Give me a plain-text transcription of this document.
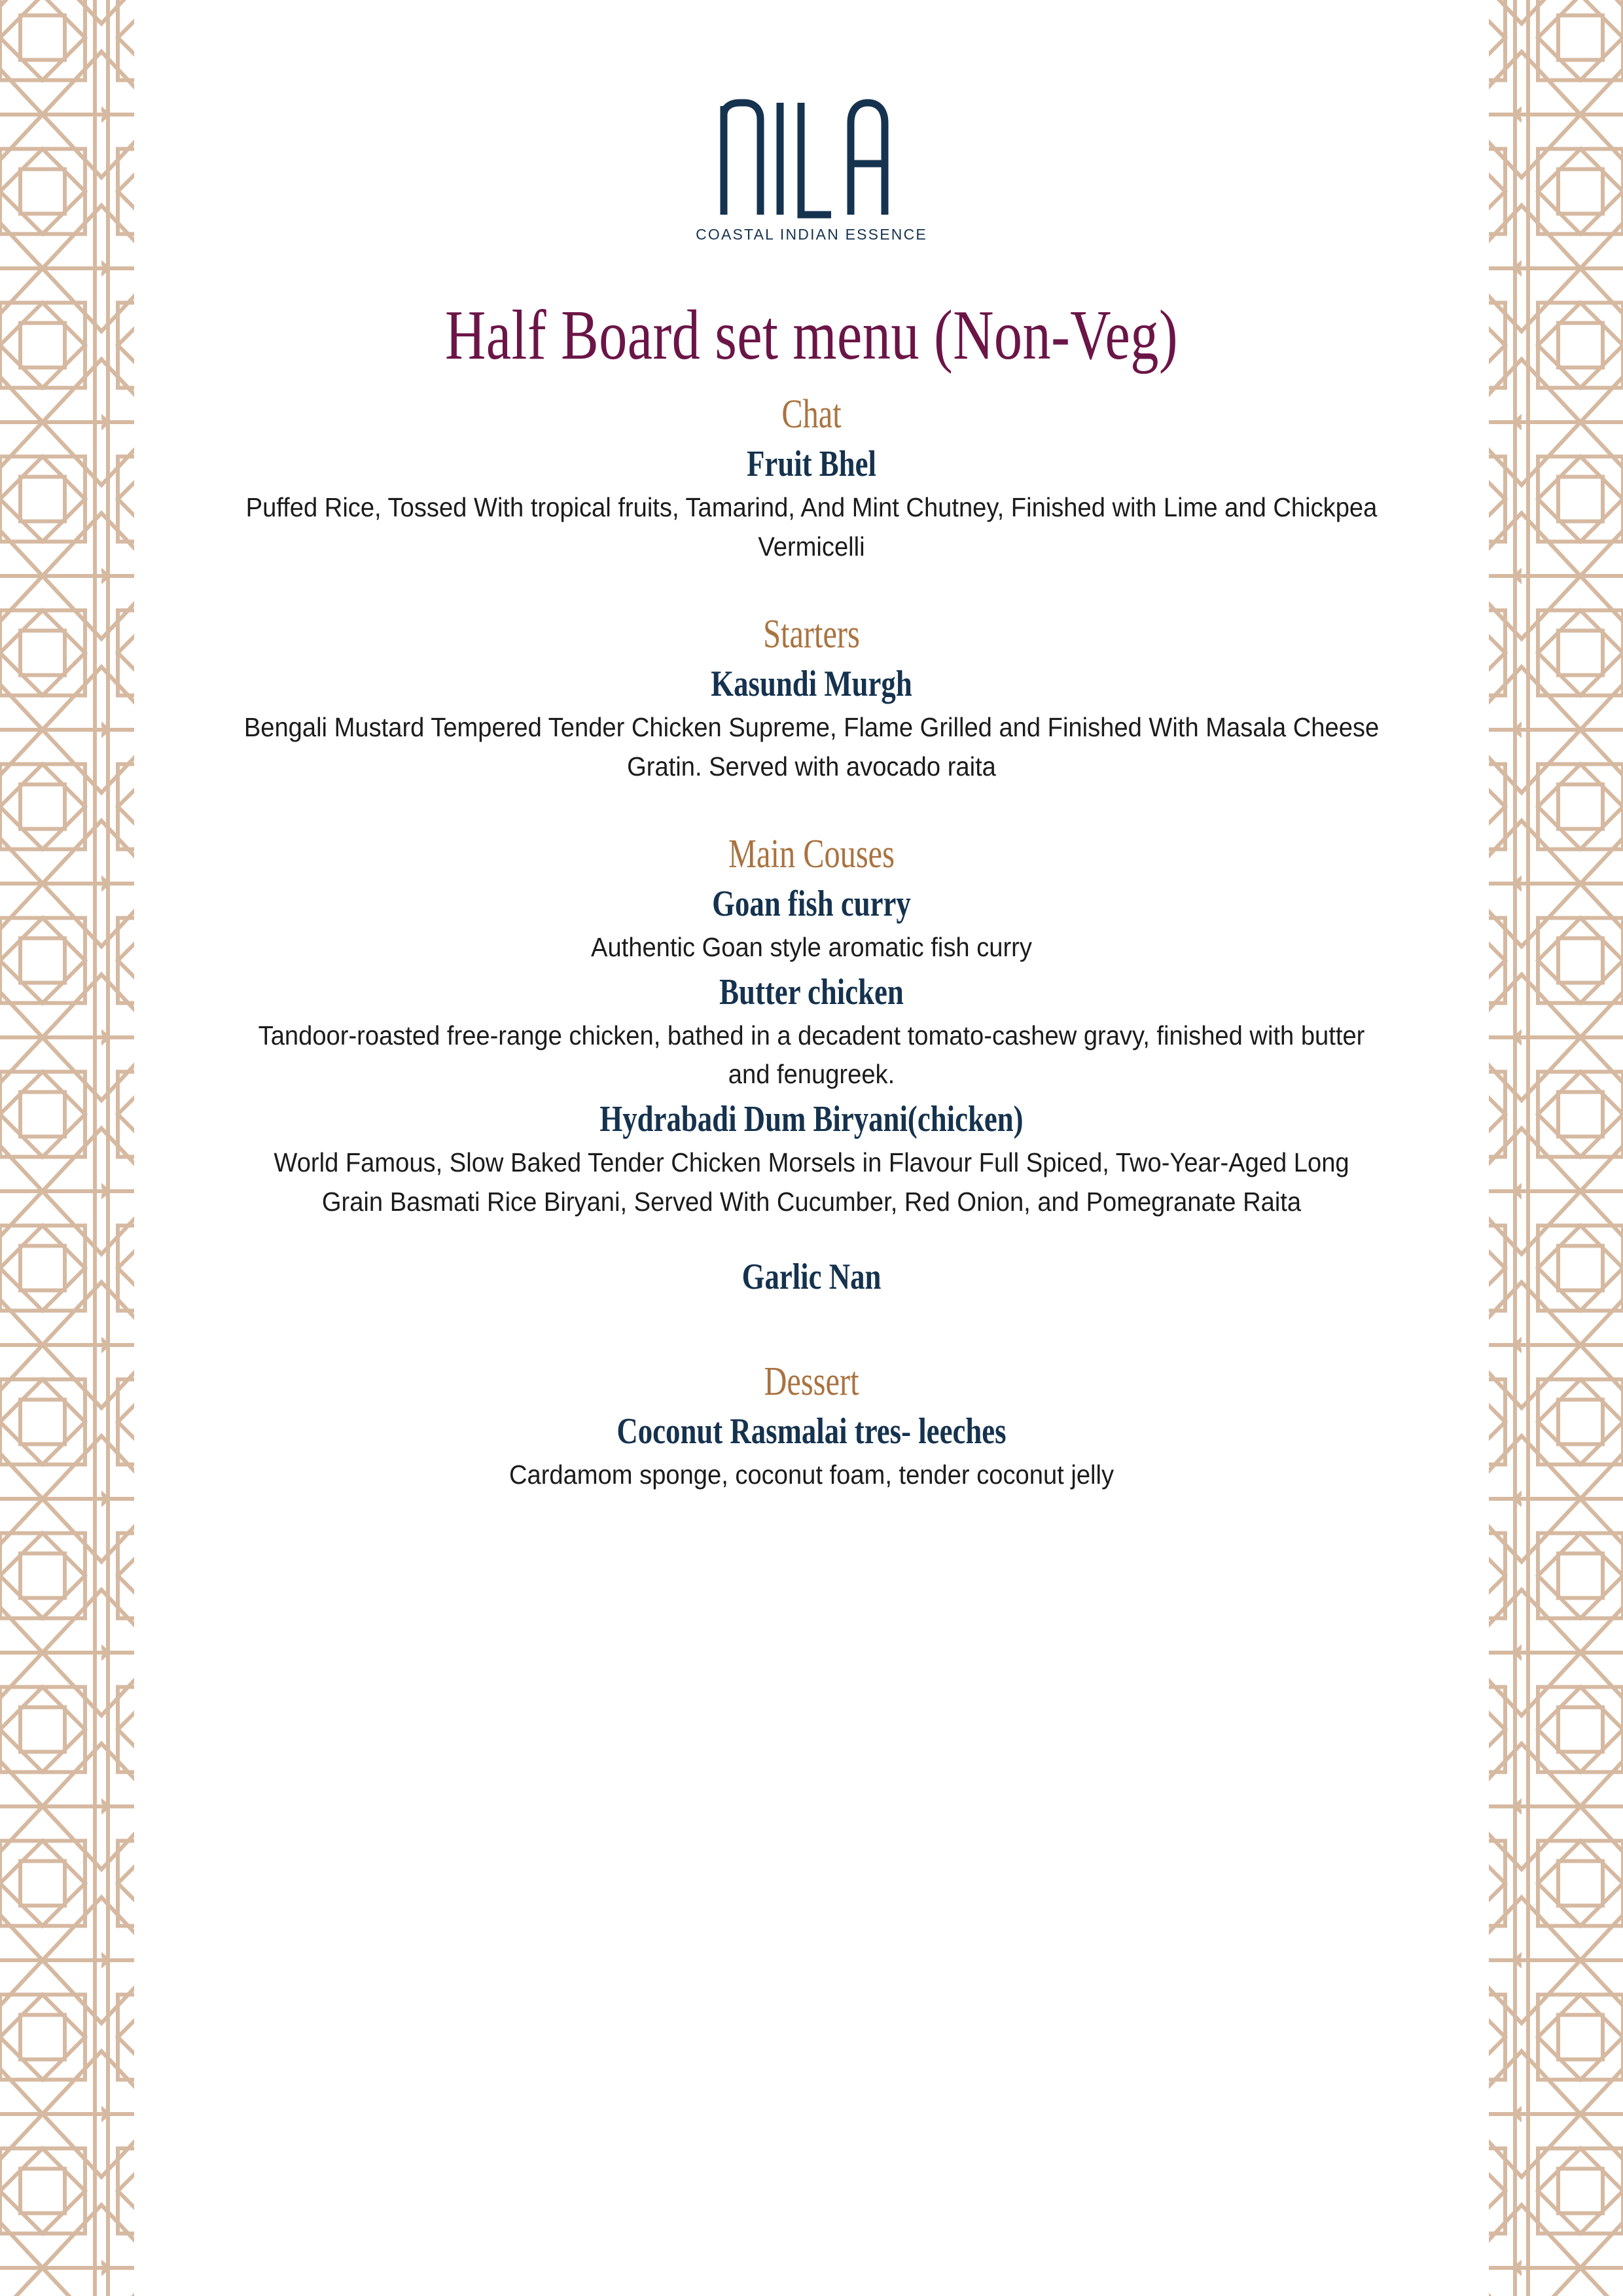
COASTAL INDIAN ESSENCE
Half Board set menu (Non-Veg)
Chat
Fruit Bhel
Puffed Rice, Tossed With tropical fruits, Tamarind, And Mint Chutney, Finished with Lime and Chickpea Vermicelli
Starters
Kasundi Murgh
Bengali Mustard Tempered Tender Chicken Supreme, Flame Grilled and Finished With Masala Cheese Gratin. Served with avocado raita
Main Couses
Goan fish curry
Authentic Goan style aromatic fish curry
Butter chicken
Tandoor-roasted free-range chicken, bathed in a decadent tomato-cashew gravy, finished with butter and fenugreek.
Hydrabadi Dum Biryani(chicken)
World Famous, Slow Baked Tender Chicken Morsels in Flavour Full Spiced, Two-Year-Aged Long Grain Basmati Rice Biryani, Served With Cucumber, Red Onion, and Pomegranate Raita
Garlic Nan
Dessert
Coconut Rasmalai tres- leeches
Cardamom sponge, coconut foam, tender coconut jelly
